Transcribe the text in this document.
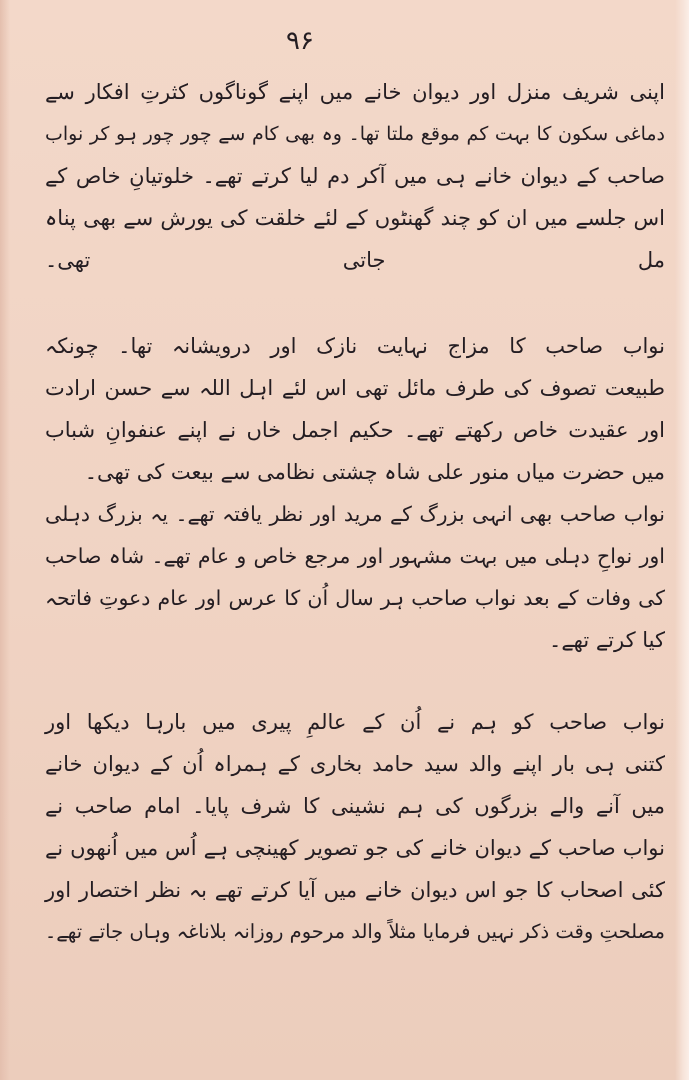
۹۶
اپنی شریف منزل اور دیوان خانے میں اپنے گوناگوں کثرتِ افکار سے
دماغی سکون کا بہت کم موقع ملتا تھا۔ وہ بھی کام سے چور چور ہو کر نواب
صاحب کے دیوان خانے ہی میں آکر دم لیا کرتے تھے۔ خلوتیانِ خاص کے
اس جلسے میں ان کو چند گھنٹوں کے لئے خلقت کی یورش سے بھی پناہ
مل جاتی تھی۔
نواب صاحب کا مزاج نہایت نازک اور درویشانہ تھا۔ چونکہ
طبیعت تصوف کی طرف مائل تھی اس لئے اہل اللہ سے حسن ارادت
اور عقیدت خاص رکھتے تھے۔ حکیم اجمل خاں نے اپنے عنفوانِ شباب
میں حضرت میاں منور علی شاہ چشتی نظامی سے بیعت کی تھی۔
نواب صاحب بھی انہی بزرگ کے مرید اور نظر یافتہ تھے۔ یہ بزرگ دہلی
اور نواحِ دہلی میں بہت مشہور اور مرجع خاص و عام تھے۔ شاہ صاحب
کی وفات کے بعد نواب صاحب ہر سال اُن کا عرس اور عام دعوتِ فاتحہ
کیا کرتے تھے۔
نواب صاحب کو ہم نے اُن کے عالمِ پیری میں بارہا دیکھا اور
کتنی ہی بار اپنے والد سید حامد بخاری کے ہمراہ اُن کے دیوان خانے
میں آنے والے بزرگوں کی ہم نشینی کا شرف پایا۔ امام صاحب نے
نواب صاحب کے دیوان خانے کی جو تصویر کھینچی ہے اُس میں اُنھوں نے
کئی اصحاب کا جو اس دیوان خانے میں آیا کرتے تھے بہ نظر اختصار اور
مصلحتِ وقت ذکر نہیں فرمایا مثلاً والد مرحوم روزانہ بلاناغہ وہاں جاتے تھے۔
